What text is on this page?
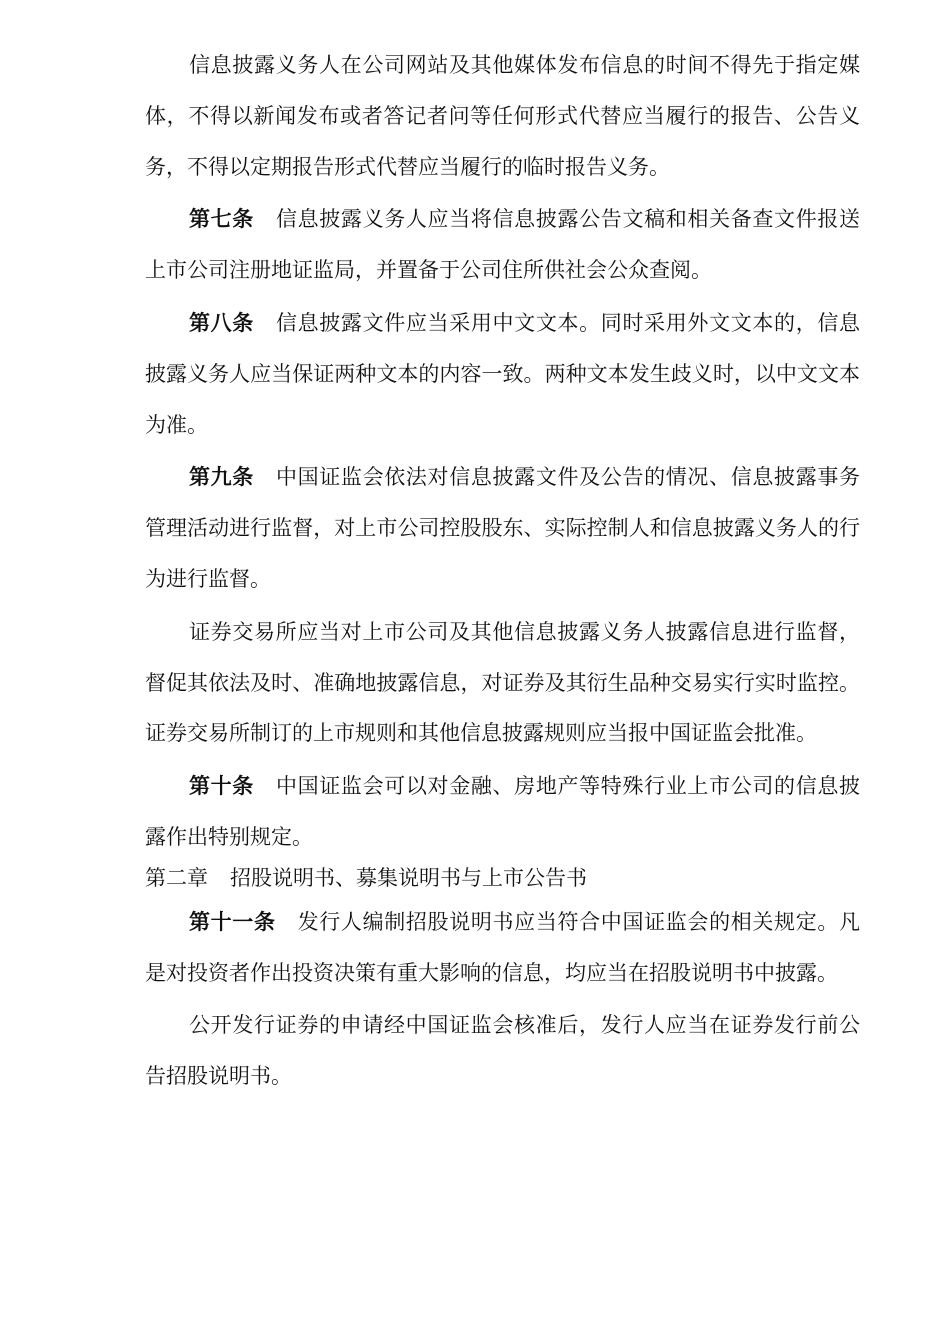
信息披露义务人在公司网站及其他媒体发布信息的时间不得先于指定媒体，不得以新闻发布或者答记者问等任何形式代替应当履行的报告、公告义务，不得以定期报告形式代替应当履行的临时报告义务。

第七条 信息披露义务人应当将信息披露公告文稿和相关备查文件报送上市公司注册地证监局，并置备于公司住所供社会公众查阅。

第八条 信息披露文件应当采用中文文本。同时采用外文文本的，信息披露义务人应当保证两种文本的内容一致。两种文本发生歧义时，以中文文本为准。

第九条 中国证监会依法对信息披露文件及公告的情况、信息披露事务管理活动进行监督，对上市公司控股股东、实际控制人和信息披露义务人的行为进行监督。

证券交易所应当对上市公司及其他信息披露义务人披露信息进行监督，督促其依法及时、准确地披露信息，对证券及其衍生品种交易实行实时监控。证券交易所制订的上市规则和其他信息披露规则应当报中国证监会批准。

第十条 中国证监会可以对金融、房地产等特殊行业上市公司的信息披露作出特别规定。

第二章 招股说明书、募集说明书与上市公告书

第十一条 发行人编制招股说明书应当符合中国证监会的相关规定。凡是对投资者作出投资决策有重大影响的信息，均应当在招股说明书中披露。

公开发行证券的申请经中国证监会核准后，发行人应当在证券发行前公告招股说明书。
